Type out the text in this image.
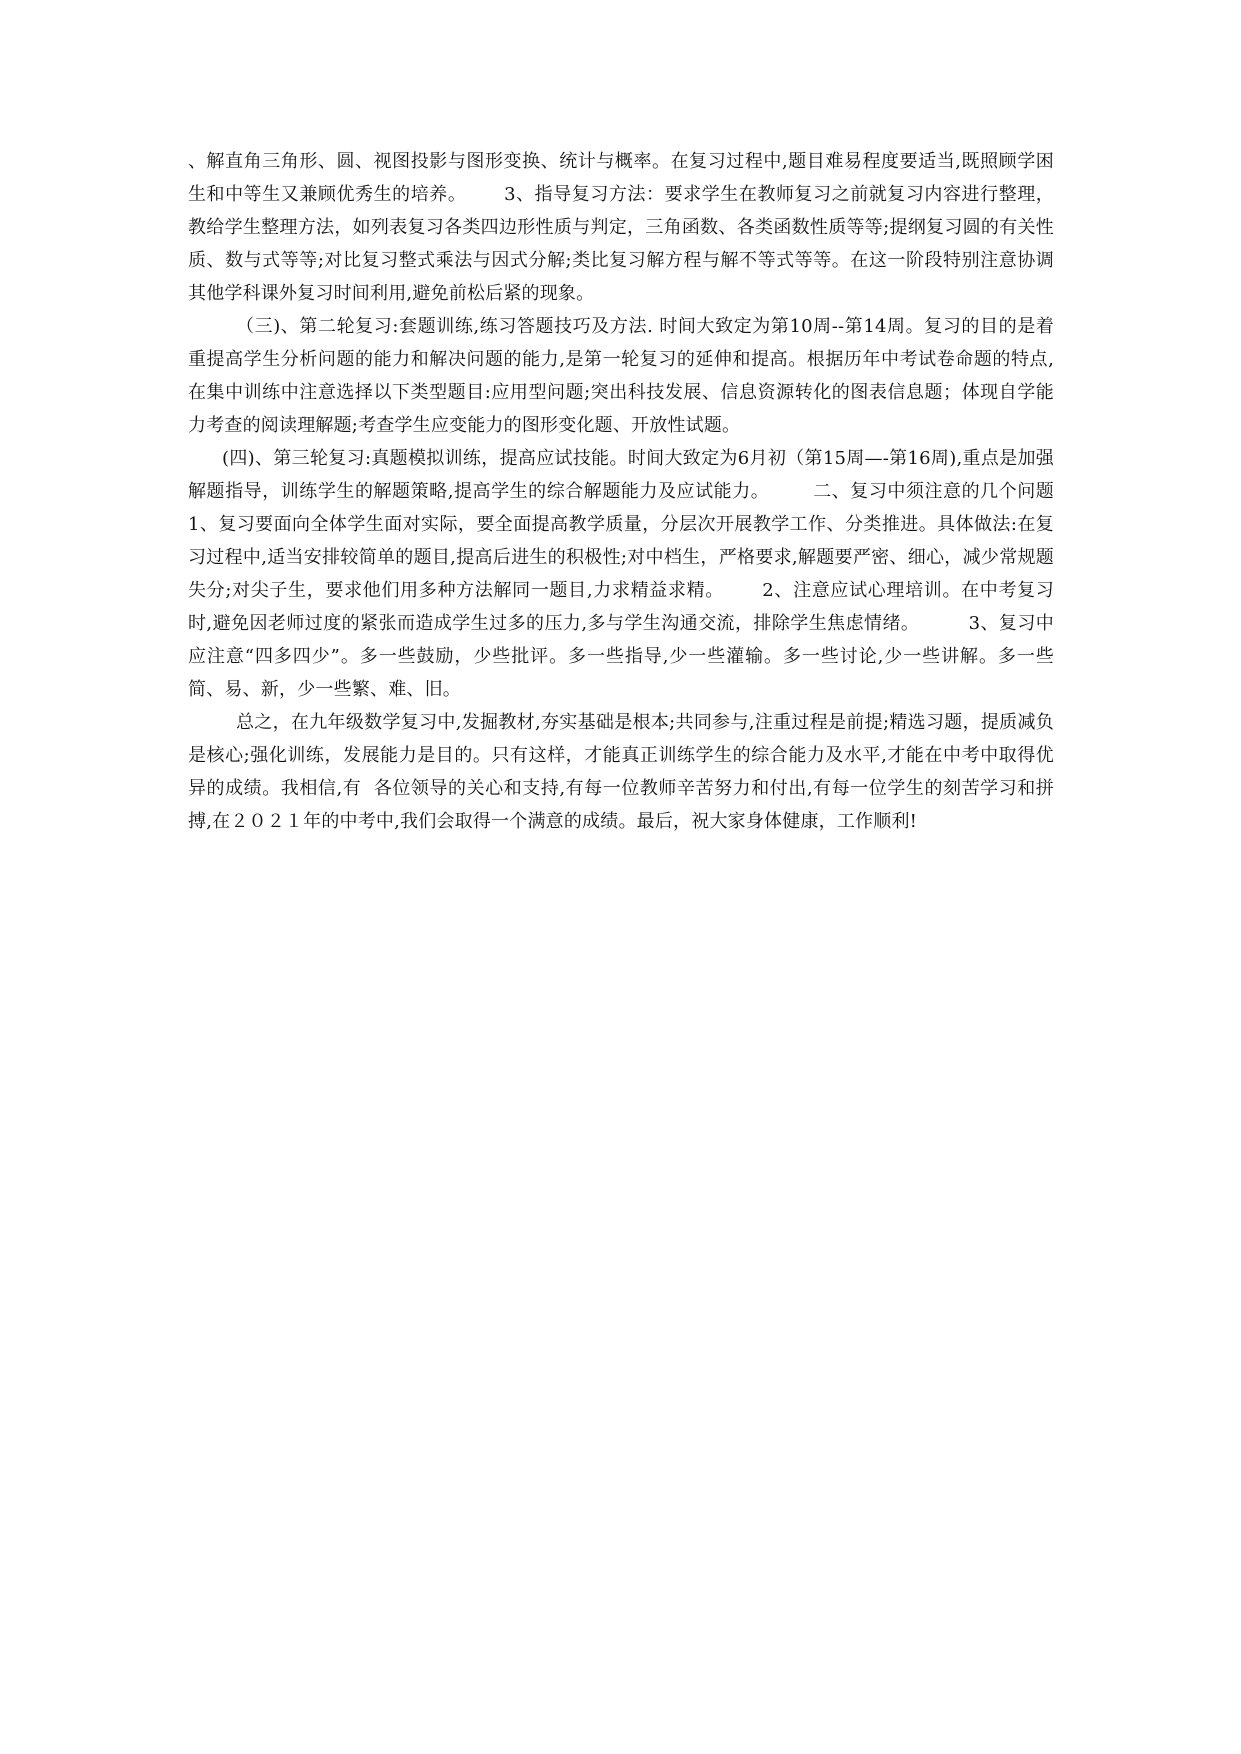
、解直角三角形、圆、视图投影与图形变换、统计与概率。在复习过程中,题目难易程度要适当,既照顾学困生和中等生又兼顾优秀生的培养。      3、指导复习方法：要求学生在教师复习之前就复习内容进行整理，教给学生整理方法，如列表复习各类四边形性质与判定，三角函数、各类函数性质等等;提纲复习圆的有关性质、数与式等等;对比复习整式乘法与因式分解;类比复习解方程与解不等式等等。在这一阶段特别注意协调其他学科课外复习时间利用,避免前松后紧的现象。

（三)、第二轮复习:套题训练,练习答题技巧及方法. 时间大致定为第10周--第14周。复习的目的是着重提高学生分析问题的能力和解决问题的能力,是第一轮复习的延伸和提高。根据历年中考试卷命题的特点,在集中训练中注意选择以下类型题目:应用型问题;突出科技发展、信息资源转化的图表信息题；体现自学能力考查的阅读理解题;考查学生应变能力的图形变化题、开放性试题。

(四)、第三轮复习:真题模拟训练，提高应试技能。时间大致定为6月初（第15周—-第16周),重点是加强解题指导，训练学生的解题策略,提高学生的综合解题能力及应试能力。       二、复习中须注意的几个问题      1、复习要面向全体学生面对实际，要全面提高教学质量，分层次开展教学工作、分类推进。具体做法:在复习过程中,适当安排较简单的题目,提高后进生的积极性;对中档生，严格要求,解题要严密、细心，减少常规题失分;对尖子生，要求他们用多种方法解同一题目,力求精益求精。      2、注意应试心理培训。在中考复习时,避免因老师过度的紧张而造成学生过多的压力,多与学生沟通交流，排除学生焦虑情绪。        3、复习中应注意“四多四少”。多一些鼓励，少些批评。多一些指导,少一些灌输。多一些讨论,少一些讲解。多一些简、易、新，少一些繁、难、旧。

总之，在九年级数学复习中,发掘教材,夯实基础是根本;共同参与,注重过程是前提;精选习题，提质减负是核心;强化训练，发展能力是目的。只有这样，才能真正训练学生的综合能力及水平,才能在中考中取得优异的成绩。我相信,有  各位领导的关心和支持,有每一位教师辛苦努力和付出,有每一位学生的刻苦学习和拼搏,在２０２１年的中考中,我们会取得一个满意的成绩。最后，祝大家身体健康，工作顺利!
